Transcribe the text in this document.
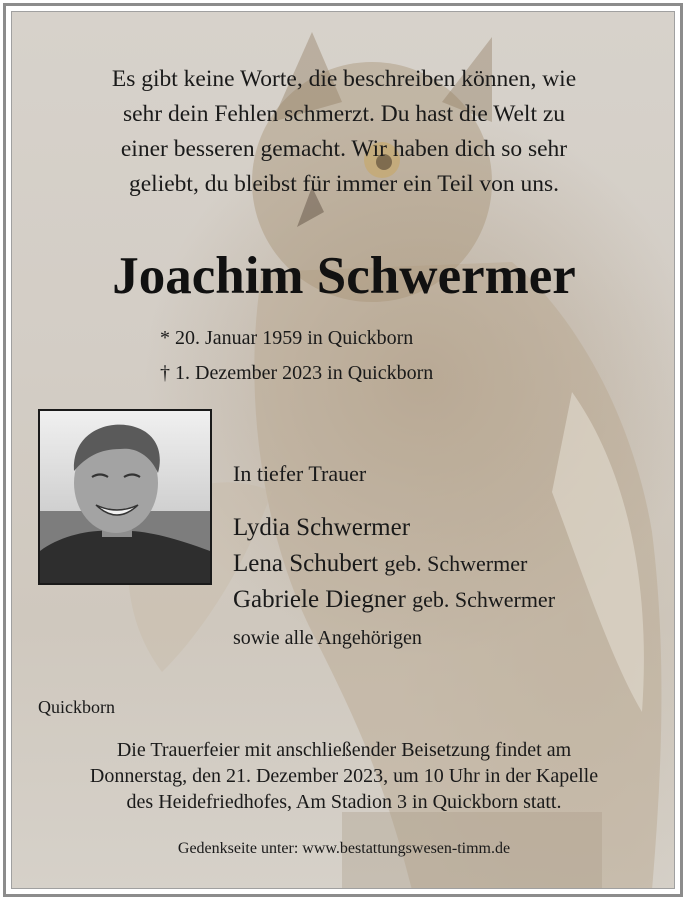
Es gibt keine Worte, die beschreiben können, wie
sehr dein Fehlen schmerzt. Du hast die Welt zu
einer besseren gemacht. Wir haben dich so sehr
geliebt, du bleibst für immer ein Teil von uns.
Joachim Schwermer
* 20. Januar 1959 in Quickborn
† 1. Dezember 2023 in Quickborn
In tiefer Trauer
Lydia Schwermer
Lena Schubert geb. Schwermer
Gabriele Diegner geb. Schwermer
sowie alle Angehörigen
Quickborn
Die Trauerfeier mit anschließender Beisetzung findet am
Donnerstag, den 21. Dezember 2023, um 10 Uhr in der Kapelle
des Heidefriedhofes, Am Stadion 3 in Quickborn statt.
Gedenkseite unter: www.bestattungswesen-timm.de
